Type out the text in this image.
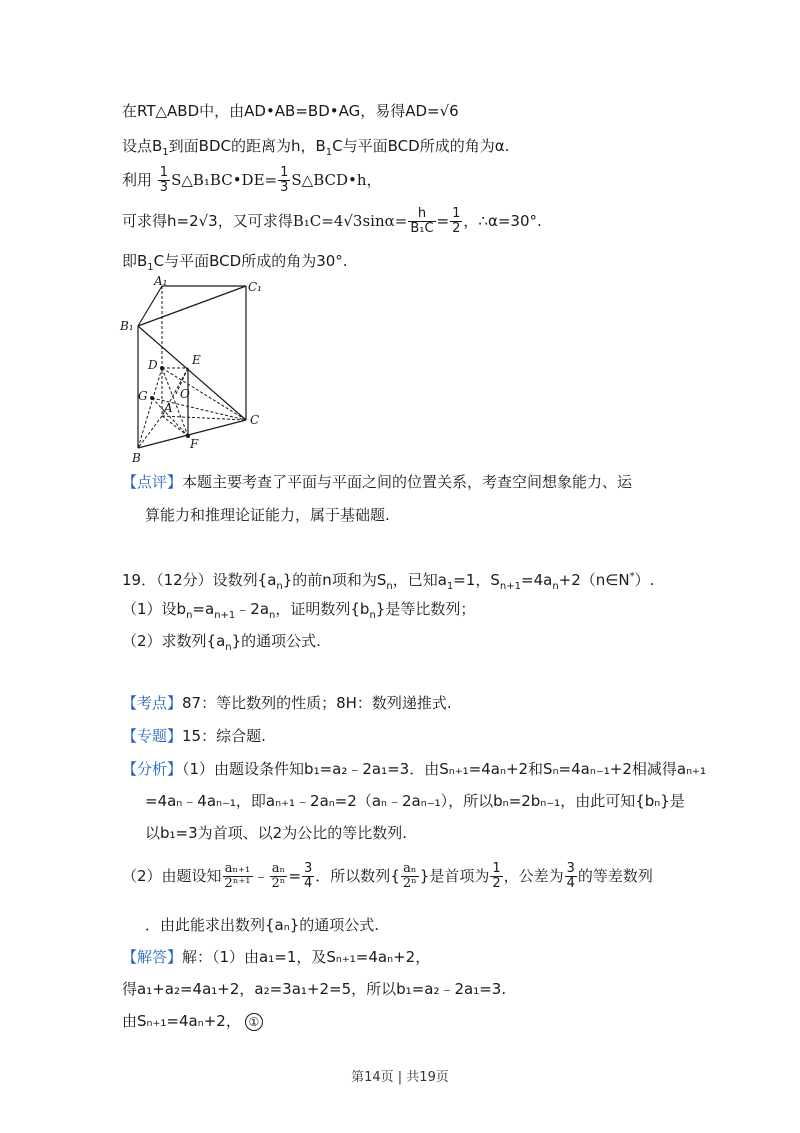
在RT△ABD中，由AD•AB=BD•AG，易得AD=√6
设点$B_1$到面BDC的距离为h，$B_1C$与平面BCD所成的角为α.
利用 $\frac{1}{3}$ S△B₁BC•DE= $\frac{1}{3}$ S△BCD•h，
可求得h=2√3，又可求得$B_1C=4√3\sin\alpha= \frac{h}{\text{B₁C}} = \frac{1}{2}$ ，∴α=30°.
即$B_1C$与平面BCD所成的角为30°.
A₁	C₁
B₁
D	E
G
A
O
C
F
B
【点评】本题主要考查了平面与平面之间的位置关系，考查空间想象能力、运
算能力和推理论证能力，属于基础题.
19．（12分）设数列$\{a_n\}$的前n项和为$S_n$，已知$a_1=1$，$S_{n+1}=4a_n+2(n\in N^*)$.
（1）设$b_n=a_{n+1}﹣2a_n$，证明数列$\{b_n\}$是等比数列；
（2）求数列$\{a_n\}$的通项公式.
【考点】87：等比数列的性质；8H：数列递推式.
【专题】15：综合题.
【分析】（1）由题设条件知b₁=a₂﹣2a₁=3．由Sₙ₊₁=4aₙ+2和Sₙ=4aₙ₋₁+2相减得aₙ₊₁
=4aₙ﹣4aₙ₋₁，即aₙ₊₁﹣2aₙ=2（aₙ﹣2aₙ₋₁），所以bₙ=2bₙ₋₁，由此可知{bₙ}是
以b₁=3为首项、以2为公比的等比数列.
（2）由题设知 $\frac{\text{aₙ₊₁}}{\text{2ⁿ⁺¹}}$ ﹣ $\frac{\text{aₙ}}{\text{2ⁿ}} = \frac{3}{4}$ ．所以数列{ $\frac{\text{aₙ}}{\text{2ⁿ}}$ }是首项为 $\frac{1}{2}$ ，公差为 $\frac{3}{4}$ 的等差数列
．由此能求出数列{aₙ}的通项公式.
【解答】解：（1）由a₁=1，及Sₙ₊₁=4aₙ+2，
得a₁+a₂=4a₁+2，a₂=3a₁+2=5，所以b₁=a₂﹣2a₁=3.
由Sₙ₊₁=4aₙ+2， ①
第14页 | 共19页
